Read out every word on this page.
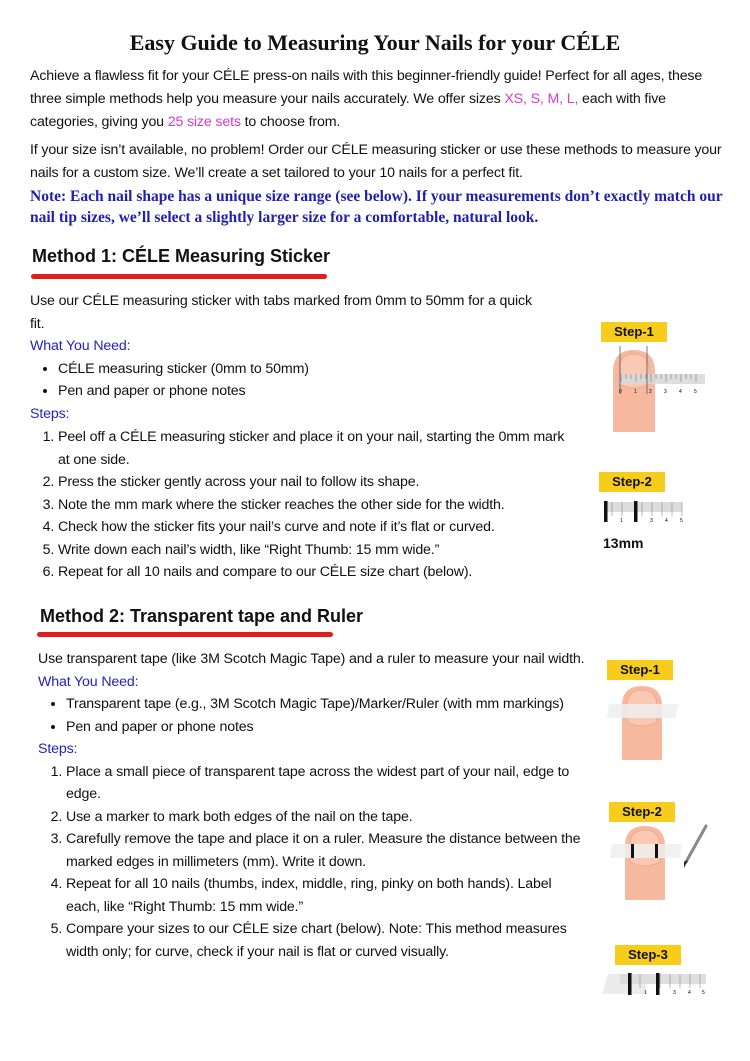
Easy Guide to Measuring Your Nails for your CÉLE
Achieve a flawless fit for your CÉLE press-on nails with this beginner-friendly guide! Perfect for all ages, these three simple methods help you measure your nails accurately. We offer sizes XS, S, M, L, each with five categories, giving you 25 size sets to choose from.
If your size isn’t available, no problem! Order our CÉLE measuring sticker or use these methods to measure your nails for a custom size. We’ll create a set tailored to your 10 nails for a perfect fit.
Note: Each nail shape has a unique size range (see below). If your measurements don’t exactly match our nail tip sizes, we’ll select a slightly larger size for a comfortable, natural look.
Method 1: CÉLE Measuring Sticker
Use our CÉLE measuring sticker with tabs marked from 0mm to 50mm for a quick fit.
What You Need:
• CÉLE measuring sticker (0mm to 50mm)
• Pen and paper or phone notes
Steps:
1. Peel off a CÉLE measuring sticker and place it on your nail, starting the 0mm mark at one side.
2. Press the sticker gently across your nail to follow its shape.
3. Note the mm mark where the sticker reaches the other side for the width.
4. Check how the sticker fits your nail’s curve and note if it’s flat or curved.
5. Write down each nail’s width, like “Right Thumb: 15 mm wide.”
6. Repeat for all 10 nails and compare to our CÉLE size chart (below).
Step-1
0 1 2 3 4 5
Step-2
1	3 4 5
13mm
Method 2: Transparent tape and Ruler
Use transparent tape (like 3M Scotch Magic Tape) and a ruler to measure your nail width.
What You Need:
• Transparent tape (e.g., 3M Scotch Magic Tape)/Marker/Ruler (with mm markings)
• Pen and paper or phone notes
Steps:
1. Place a small piece of transparent tape across the widest part of your nail, edge to edge.
2. Use a marker to mark both edges of the nail on the tape.
3. Carefully remove the tape and place it on a ruler. Measure the distance between the marked edges in millimeters (mm). Write it down.
4. Repeat for all 10 nails (thumbs, index, middle, ring, pinky on both hands). Label each, like “Right Thumb: 15 mm wide.”
5. Compare your sizes to our CÉLE size chart (below). Note: This method measures width only; for curve, check if your nail is flat or curved visually.
Step-1
Step-2
Step-3
1	3 4 5
